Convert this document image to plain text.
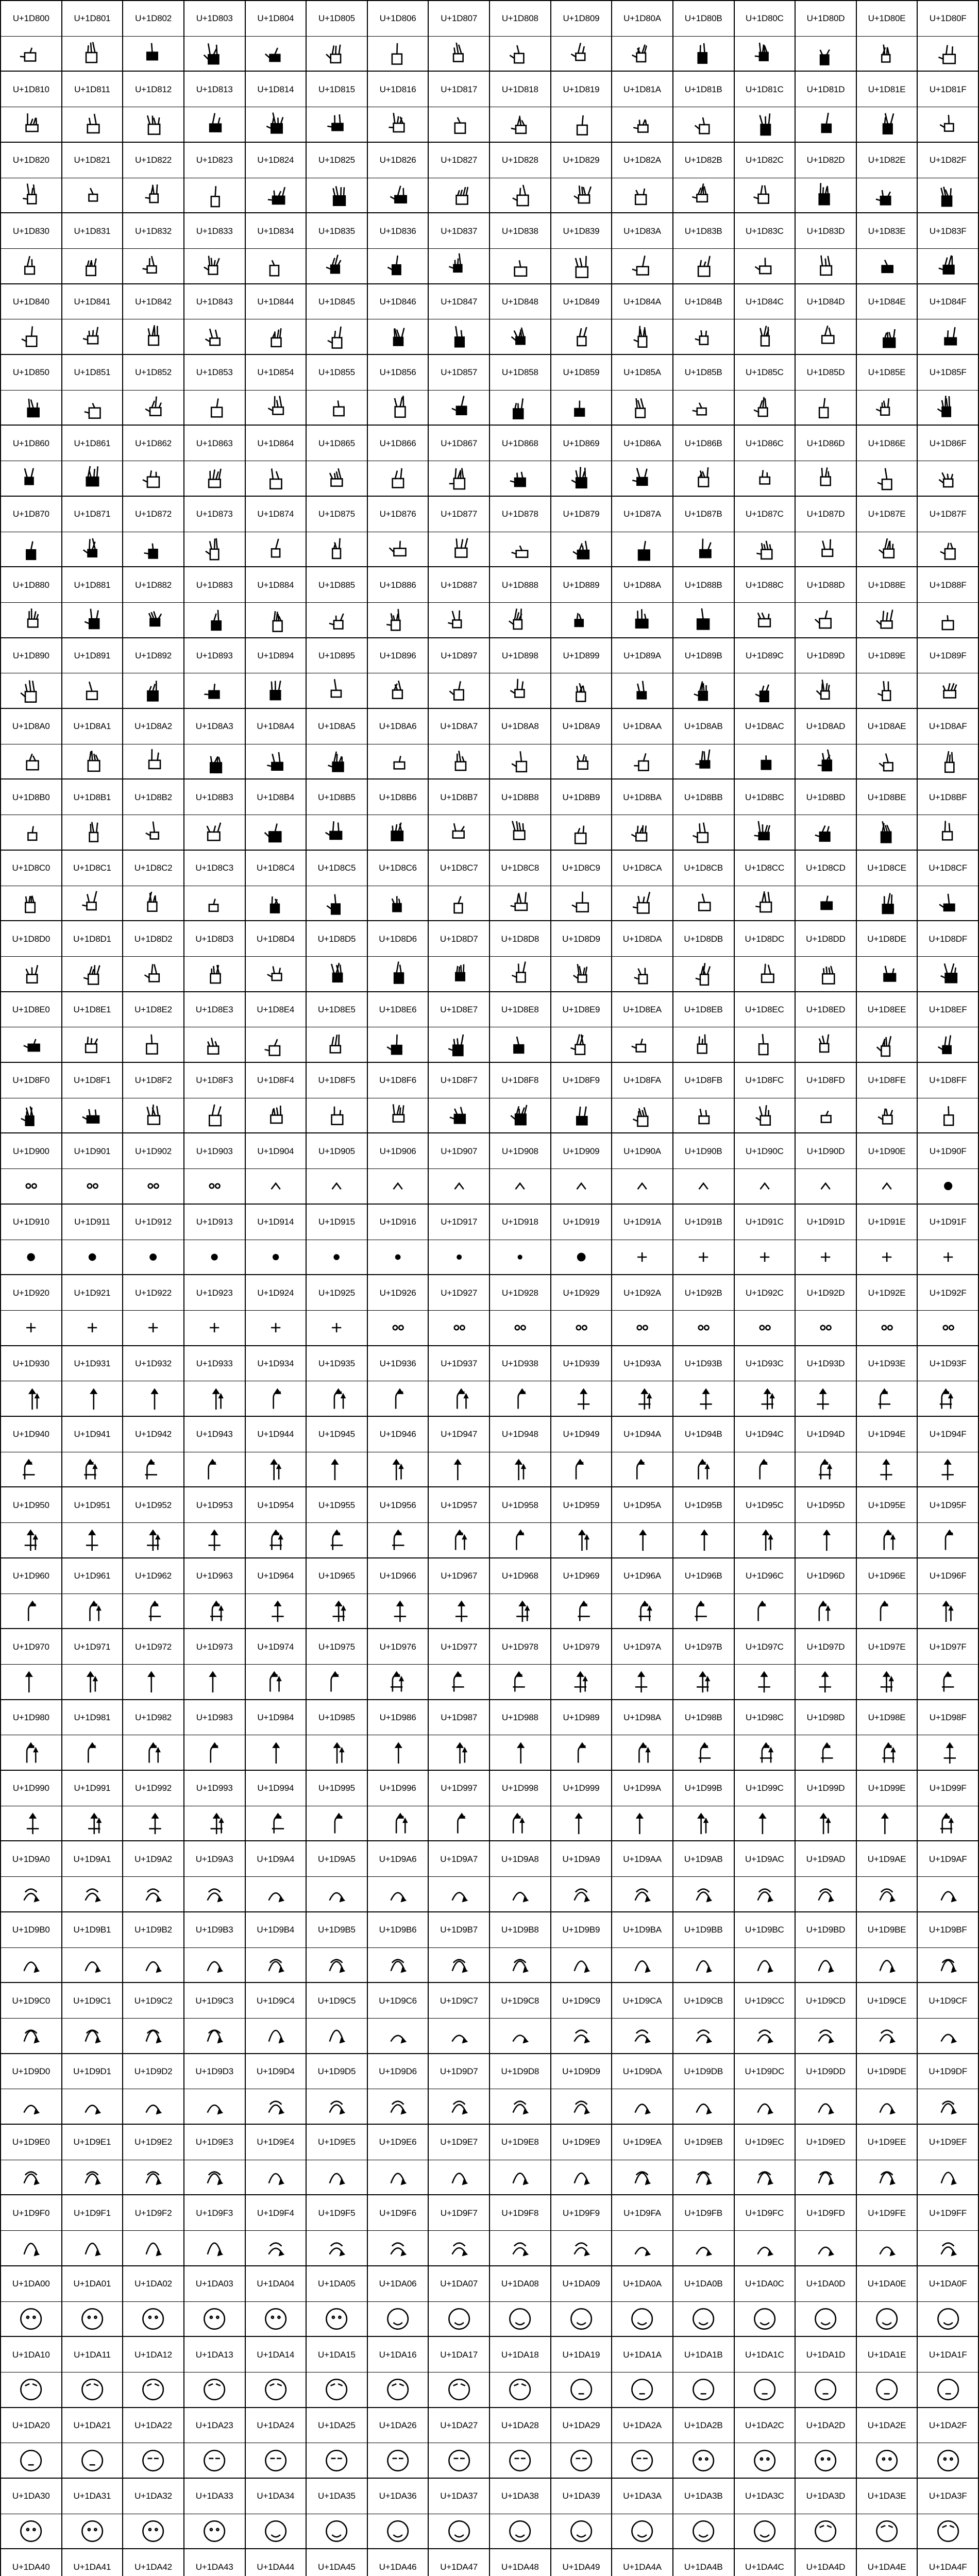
U+1D800	U+1D801	U+1D802	U+1D803	U+1D804	U+1D805	U+1D806	U+1D807	U+1D808	U+1D809	U+1D80A	U+1D80B	U+1D80C	U+1D80D	U+1D80E	U+1D80F
U+1D810	U+1D811	U+1D812	U+1D813	U+1D814	U+1D815	U+1D816	U+1D817	U+1D818	U+1D819	U+1D81A	U+1D81B	U+1D81C	U+1D81D	U+1D81E	U+1D81F
U+1D820	U+1D821	U+1D822	U+1D823	U+1D824	U+1D825	U+1D826	U+1D827	U+1D828	U+1D829	U+1D82A	U+1D82B	U+1D82C	U+1D82D	U+1D82E	U+1D82F
U+1D830	U+1D831	U+1D832	U+1D833	U+1D834	U+1D835	U+1D836	U+1D837	U+1D838	U+1D839	U+1D83A	U+1D83B	U+1D83C	U+1D83D	U+1D83E	U+1D83F
U+1D840	U+1D841	U+1D842	U+1D843	U+1D844	U+1D845	U+1D846	U+1D847	U+1D848	U+1D849	U+1D84A	U+1D84B	U+1D84C	U+1D84D	U+1D84E	U+1D84F
U+1D850	U+1D851	U+1D852	U+1D853	U+1D854	U+1D855	U+1D856	U+1D857	U+1D858	U+1D859	U+1D85A	U+1D85B	U+1D85C	U+1D85D	U+1D85E	U+1D85F
U+1D860	U+1D861	U+1D862	U+1D863	U+1D864	U+1D865	U+1D866	U+1D867	U+1D868	U+1D869	U+1D86A	U+1D86B	U+1D86C	U+1D86D	U+1D86E	U+1D86F
U+1D870	U+1D871	U+1D872	U+1D873	U+1D874	U+1D875	U+1D876	U+1D877	U+1D878	U+1D879	U+1D87A	U+1D87B	U+1D87C	U+1D87D	U+1D87E	U+1D87F
U+1D880	U+1D881	U+1D882	U+1D883	U+1D884	U+1D885	U+1D886	U+1D887	U+1D888	U+1D889	U+1D88A	U+1D88B	U+1D88C	U+1D88D	U+1D88E	U+1D88F
U+1D890	U+1D891	U+1D892	U+1D893	U+1D894	U+1D895	U+1D896	U+1D897	U+1D898	U+1D899	U+1D89A	U+1D89B	U+1D89C	U+1D89D	U+1D89E	U+1D89F
U+1D8A0	U+1D8A1	U+1D8A2	U+1D8A3	U+1D8A4	U+1D8A5	U+1D8A6	U+1D8A7	U+1D8A8	U+1D8A9	U+1D8AA	U+1D8AB	U+1D8AC	U+1D8AD	U+1D8AE	U+1D8AF
U+1D8B0	U+1D8B1	U+1D8B2	U+1D8B3	U+1D8B4	U+1D8B5	U+1D8B6	U+1D8B7	U+1D8B8	U+1D8B9	U+1D8BA	U+1D8BB	U+1D8BC	U+1D8BD	U+1D8BE	U+1D8BF
U+1D8C0	U+1D8C1	U+1D8C2	U+1D8C3	U+1D8C4	U+1D8C5	U+1D8C6	U+1D8C7	U+1D8C8	U+1D8C9	U+1D8CA	U+1D8CB	U+1D8CC	U+1D8CD	U+1D8CE	U+1D8CF
U+1D8D0	U+1D8D1	U+1D8D2	U+1D8D3	U+1D8D4	U+1D8D5	U+1D8D6	U+1D8D7	U+1D8D8	U+1D8D9	U+1D8DA	U+1D8DB	U+1D8DC	U+1D8DD	U+1D8DE	U+1D8DF
U+1D8E0	U+1D8E1	U+1D8E2	U+1D8E3	U+1D8E4	U+1D8E5	U+1D8E6	U+1D8E7	U+1D8E8	U+1D8E9	U+1D8EA	U+1D8EB	U+1D8EC	U+1D8ED	U+1D8EE	U+1D8EF
U+1D8F0	U+1D8F1	U+1D8F2	U+1D8F3	U+1D8F4	U+1D8F5	U+1D8F6	U+1D8F7	U+1D8F8	U+1D8F9	U+1D8FA	U+1D8FB	U+1D8FC	U+1D8FD	U+1D8FE	U+1D8FF
U+1D900	U+1D901	U+1D902	U+1D903	U+1D904	U+1D905	U+1D906	U+1D907	U+1D908	U+1D909	U+1D90A	U+1D90B	U+1D90C	U+1D90D	U+1D90E	U+1D90F
U+1D910	U+1D911	U+1D912	U+1D913	U+1D914	U+1D915	U+1D916	U+1D917	U+1D918	U+1D919	U+1D91A	U+1D91B	U+1D91C	U+1D91D	U+1D91E	U+1D91F
U+1D920	U+1D921	U+1D922	U+1D923	U+1D924	U+1D925	U+1D926	U+1D927	U+1D928	U+1D929	U+1D92A	U+1D92B	U+1D92C	U+1D92D	U+1D92E	U+1D92F
U+1D930	U+1D931	U+1D932	U+1D933	U+1D934	U+1D935	U+1D936	U+1D937	U+1D938	U+1D939	U+1D93A	U+1D93B	U+1D93C	U+1D93D	U+1D93E	U+1D93F
U+1D940	U+1D941	U+1D942	U+1D943	U+1D944	U+1D945	U+1D946	U+1D947	U+1D948	U+1D949	U+1D94A	U+1D94B	U+1D94C	U+1D94D	U+1D94E	U+1D94F
U+1D950	U+1D951	U+1D952	U+1D953	U+1D954	U+1D955	U+1D956	U+1D957	U+1D958	U+1D959	U+1D95A	U+1D95B	U+1D95C	U+1D95D	U+1D95E	U+1D95F
U+1D960	U+1D961	U+1D962	U+1D963	U+1D964	U+1D965	U+1D966	U+1D967	U+1D968	U+1D969	U+1D96A	U+1D96B	U+1D96C	U+1D96D	U+1D96E	U+1D96F
U+1D970	U+1D971	U+1D972	U+1D973	U+1D974	U+1D975	U+1D976	U+1D977	U+1D978	U+1D979	U+1D97A	U+1D97B	U+1D97C	U+1D97D	U+1D97E	U+1D97F
U+1D980	U+1D981	U+1D982	U+1D983	U+1D984	U+1D985	U+1D986	U+1D987	U+1D988	U+1D989	U+1D98A	U+1D98B	U+1D98C	U+1D98D	U+1D98E	U+1D98F
U+1D990	U+1D991	U+1D992	U+1D993	U+1D994	U+1D995	U+1D996	U+1D997	U+1D998	U+1D999	U+1D99A	U+1D99B	U+1D99C	U+1D99D	U+1D99E	U+1D99F
U+1D9A0	U+1D9A1	U+1D9A2	U+1D9A3	U+1D9A4	U+1D9A5	U+1D9A6	U+1D9A7	U+1D9A8	U+1D9A9	U+1D9AA	U+1D9AB	U+1D9AC	U+1D9AD	U+1D9AE	U+1D9AF
U+1D9B0	U+1D9B1	U+1D9B2	U+1D9B3	U+1D9B4	U+1D9B5	U+1D9B6	U+1D9B7	U+1D9B8	U+1D9B9	U+1D9BA	U+1D9BB	U+1D9BC	U+1D9BD	U+1D9BE	U+1D9BF
U+1D9C0	U+1D9C1	U+1D9C2	U+1D9C3	U+1D9C4	U+1D9C5	U+1D9C6	U+1D9C7	U+1D9C8	U+1D9C9	U+1D9CA	U+1D9CB	U+1D9CC	U+1D9CD	U+1D9CE	U+1D9CF
U+1D9D0	U+1D9D1	U+1D9D2	U+1D9D3	U+1D9D4	U+1D9D5	U+1D9D6	U+1D9D7	U+1D9D8	U+1D9D9	U+1D9DA	U+1D9DB	U+1D9DC	U+1D9DD	U+1D9DE	U+1D9DF
U+1D9E0	U+1D9E1	U+1D9E2	U+1D9E3	U+1D9E4	U+1D9E5	U+1D9E6	U+1D9E7	U+1D9E8	U+1D9E9	U+1D9EA	U+1D9EB	U+1D9EC	U+1D9ED	U+1D9EE	U+1D9EF
U+1D9F0	U+1D9F1	U+1D9F2	U+1D9F3	U+1D9F4	U+1D9F5	U+1D9F6	U+1D9F7	U+1D9F8	U+1D9F9	U+1D9FA	U+1D9FB	U+1D9FC	U+1D9FD	U+1D9FE	U+1D9FF
U+1DA00	U+1DA01	U+1DA02	U+1DA03	U+1DA04	U+1DA05	U+1DA06	U+1DA07	U+1DA08	U+1DA09	U+1DA0A	U+1DA0B	U+1DA0C	U+1DA0D	U+1DA0E	U+1DA0F
U+1DA10	U+1DA11	U+1DA12	U+1DA13	U+1DA14	U+1DA15	U+1DA16	U+1DA17	U+1DA18	U+1DA19	U+1DA1A	U+1DA1B	U+1DA1C	U+1DA1D	U+1DA1E	U+1DA1F
U+1DA20	U+1DA21	U+1DA22	U+1DA23	U+1DA24	U+1DA25	U+1DA26	U+1DA27	U+1DA28	U+1DA29	U+1DA2A	U+1DA2B	U+1DA2C	U+1DA2D	U+1DA2E	U+1DA2F
U+1DA30	U+1DA31	U+1DA32	U+1DA33	U+1DA34	U+1DA35	U+1DA36	U+1DA37	U+1DA38	U+1DA39	U+1DA3A	U+1DA3B	U+1DA3C	U+1DA3D	U+1DA3E	U+1DA3F
U+1DA40	U+1DA41	U+1DA42	U+1DA43	U+1DA44	U+1DA45	U+1DA46	U+1DA47	U+1DA48	U+1DA49	U+1DA4A	U+1DA4B	U+1DA4C	U+1DA4D	U+1DA4E	U+1DA4F
